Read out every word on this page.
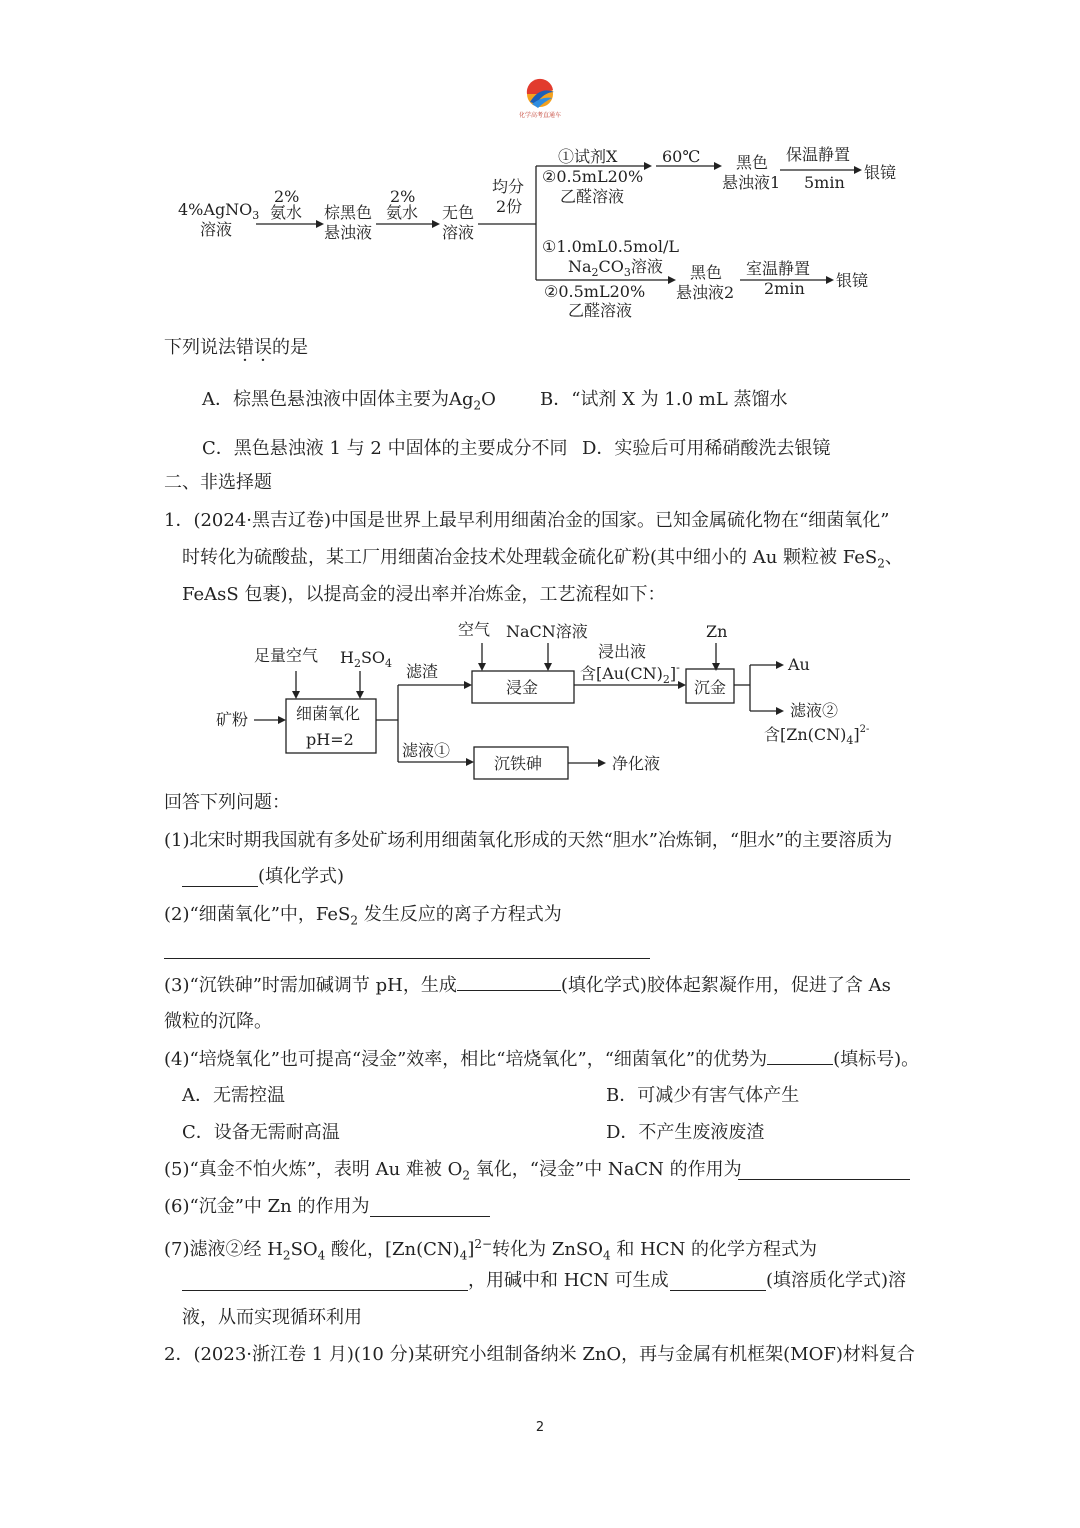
化学高考直通车
4%AgNO$_3$
溶液
2%
氨水 棕黑色
悬浊液
2%
氨水 无色
溶液
均分
2份
①试剂X
②0.5mL20%
乙醛溶液
60℃ 黑色
悬浊液1
保温静置
5min
银镜
①1.0mL0.5mol/L
$Na_2CO_3$溶液
②0.5mL20%
乙醛溶液
黑色
悬浊液2
室温静置
2min 银镜
下列说法错误的是
A．棕黑色悬浊液中固体主要为$Ag_2O$ B．“试剂 X 为 1.0 mL 蒸馏水
C．黑色悬浊液 1 与 2 中固体的主要成分不同 D．实验后可用稀硝酸洗去银镜
二、非选择题
1．(2024·黑吉辽卷)中国是世界上最早利用细菌冶金的国家。已知金属硫化物在“细菌氧化”
时转化为硫酸盐，某工厂用细菌冶金技术处理载金硫化矿粉(其中细小的 Au 颗粒被 FeS$_2$、
FeAsS 包裹)，以提高金的浸出率并冶炼金，工艺流程如下：
足量空气 $H_2SO_4$
矿粉	细菌氧化
pH=2
滤渣
滤液①
空气 NaCN溶液
浸金
浸出液
含$[Au(CN)_2]^-$
Zn
沉金
Au
滤液②
含$[Zn(CN)_4]^{2-}$
沉铁砷	净化液
回答下列问题：
(1)北宋时期我国就有多处矿场利用细菌氧化形成的天然“胆水”冶炼铜，“胆水”的主要溶质为
(填化学式)
(2)“细菌氧化”中，FeS$_2$ 发生反应的离子方程式为
(3)“沉铁砷”时需加碱调节 pH，生成	(填化学式)胶体起絮凝作用，促进了含 As
微粒的沉降。
(4)“培烧氧化”也可提高“浸金”效率，相比“培烧氧化”，“细菌氧化”的优势为	(填标号)。
A．无需控温	B．可减少有害气体产生
C．设备无需耐高温	D．不产生废液废渣
(5)“真金不怕火炼”，表明 Au 难被 $O_2$ 氧化，“浸金”中 NaCN 的作用为
(6)“沉金”中 Zn 的作用为
(7)滤液②经 $H_2SO_4$ 酸化，$[Zn(CN)_4]^{2-}$转化为 ZnSO$_4$ 和 HCN 的化学方程式为
，用碱中和 HCN 可生成	(填溶质化学式)溶
液，从而实现循环利用
2．(2023·浙江卷 1 月)(10 分)某研究小组制备纳米 ZnO，再与金属有机框架(MOF)材料复合
2
